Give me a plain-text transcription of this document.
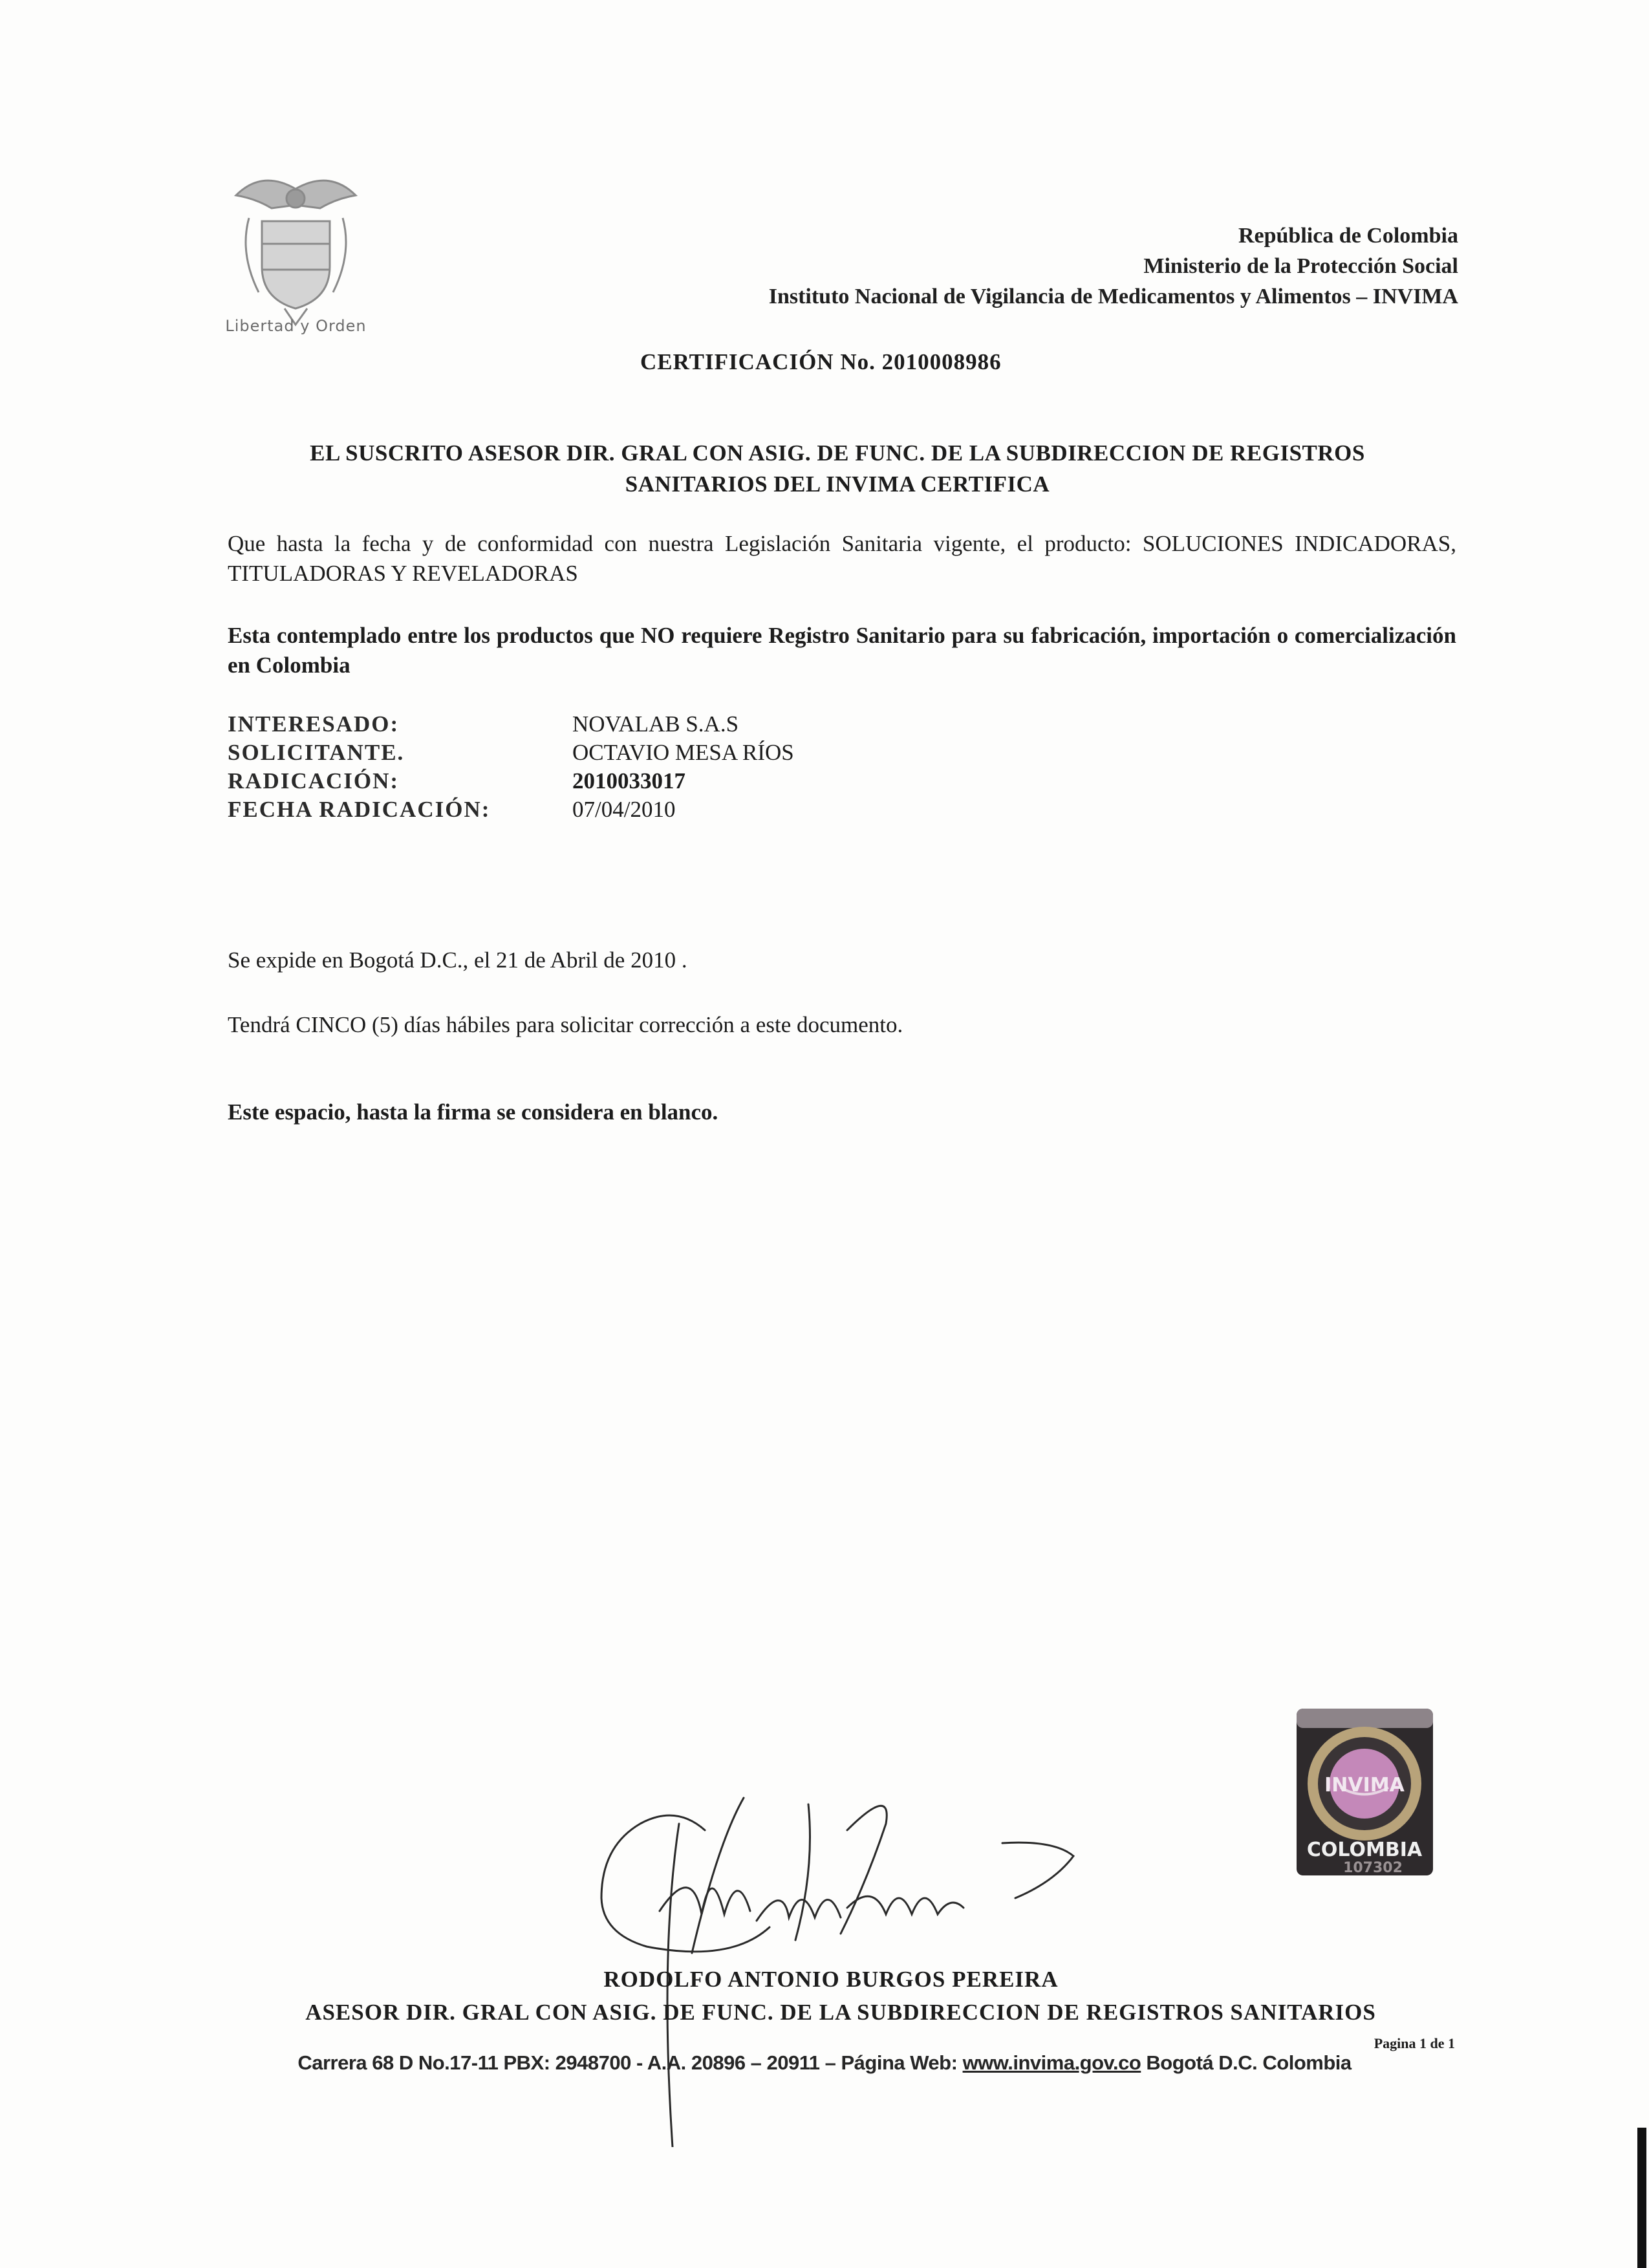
Libertad y Orden
República de Colombia
Ministerio de la Protección Social
Instituto Nacional de Vigilancia de Medicamentos y Alimentos – INVIMA
CERTIFICACIÓN No. 2010008986
EL SUSCRITO ASESOR DIR. GRAL CON ASIG. DE FUNC. DE LA SUBDIRECCION DE REGISTROS
SANITARIOS DEL INVIMA CERTIFICA
Que hasta la fecha y de conformidad con nuestra Legislación Sanitaria vigente, el producto: SOLUCIONES INDICADORAS, TITULADORAS Y REVELADORAS
Esta contemplado entre los productos que NO requiere Registro Sanitario para su fabricación, importación o comercialización en Colombia
INTERESADO:	NOVALAB S.A.S
SOLICITANTE.	OCTAVIO MESA RÍOS
RADICACIÓN:	2010033017
FECHA RADICACIÓN:	07/04/2010
Se expide en Bogotá D.C., el 21 de Abril de 2010 .
Tendrá CINCO (5) días hábiles para solicitar corrección a este documento.
Este espacio, hasta la firma se considera en blanco.
INVIMA
COLOMBIA
107302
RODOLFO ANTONIO BURGOS PEREIRA
ASESOR DIR. GRAL CON ASIG. DE FUNC. DE LA SUBDIRECCION DE REGISTROS SANITARIOS
Pagina 1 de 1
Carrera 68 D No.17-11 PBX: 2948700 - A.A. 20896 – 20911 – Página Web: www.invima.gov.co Bogotá D.C. Colombia
